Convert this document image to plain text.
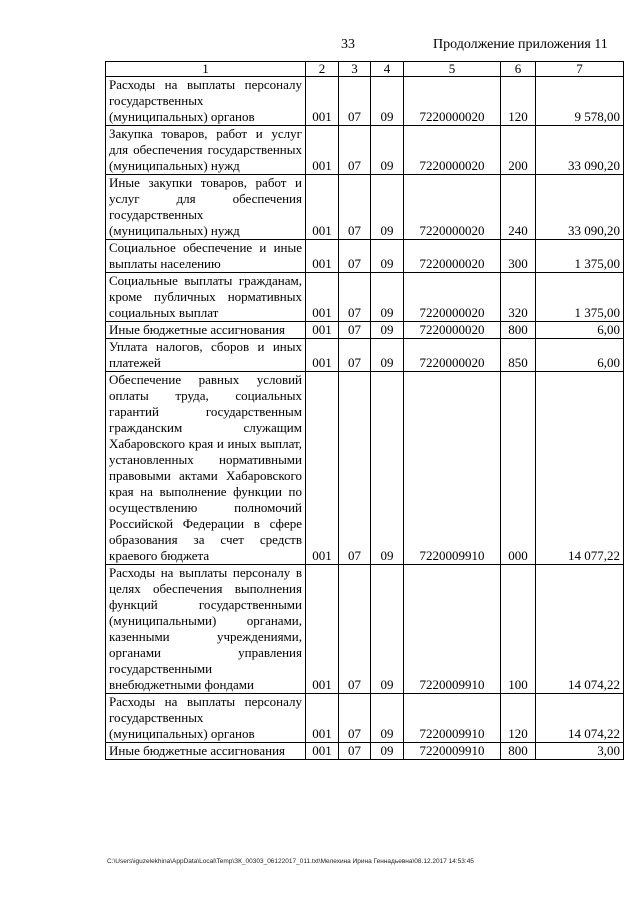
33	Продолжение приложения 11
1	2	3	4	5	6	7
Расходы на выплаты персоналу государственных (муниципальных) органов	001	07	09	7220000020	120	9 578,00
Закупка товаров, работ и услуг для обеспечения государственных (муниципальных) нужд	001	07	09	7220000020	200	33 090,20
Иные закупки товаров, работ и услуг для обеспечения государственных (муниципальных) нужд	001	07	09	7220000020	240	33 090,20
Социальное обеспечение и иные выплаты населению	001	07	09	7220000020	300	1 375,00
Социальные выплаты гражданам, кроме публичных нормативных социальных выплат	001	07	09	7220000020	320	1 375,00
Иные бюджетные ассигнования	001	07	09	7220000020	800	6,00
Уплата налогов, сборов и иных платежей	001	07	09	7220000020	850	6,00
Обеспечение равных условий оплаты труда, социальных гарантий государственным гражданским служащим Хабаровского края и иных выплат, установленных нормативными правовыми актами Хабаровского края на выполнение функции по осуществлению полномочий Российской Федерации в сфере образования за счет средств краевого бюджета	001	07	09	7220009910	000	14 077,22
Расходы на выплаты персоналу в целях обеспечения выполнения функций государственными (муниципальными) органами, казенными учреждениями, органами управления государственными внебюджетными фондами	001	07	09	7220009910	100	14 074,22
Расходы на выплаты персоналу государственных (муниципальных) органов	001	07	09	7220009910	120	14 074,22
Иные бюджетные ассигнования	001	07	09	7220009910	800	3,00
C:\Users\iguzelekhina\AppData\Local\Temp\ЗК_00303_06122017_011.txt\Мелехина Ирина Геннадьевна\08.12.2017 14:53:45
